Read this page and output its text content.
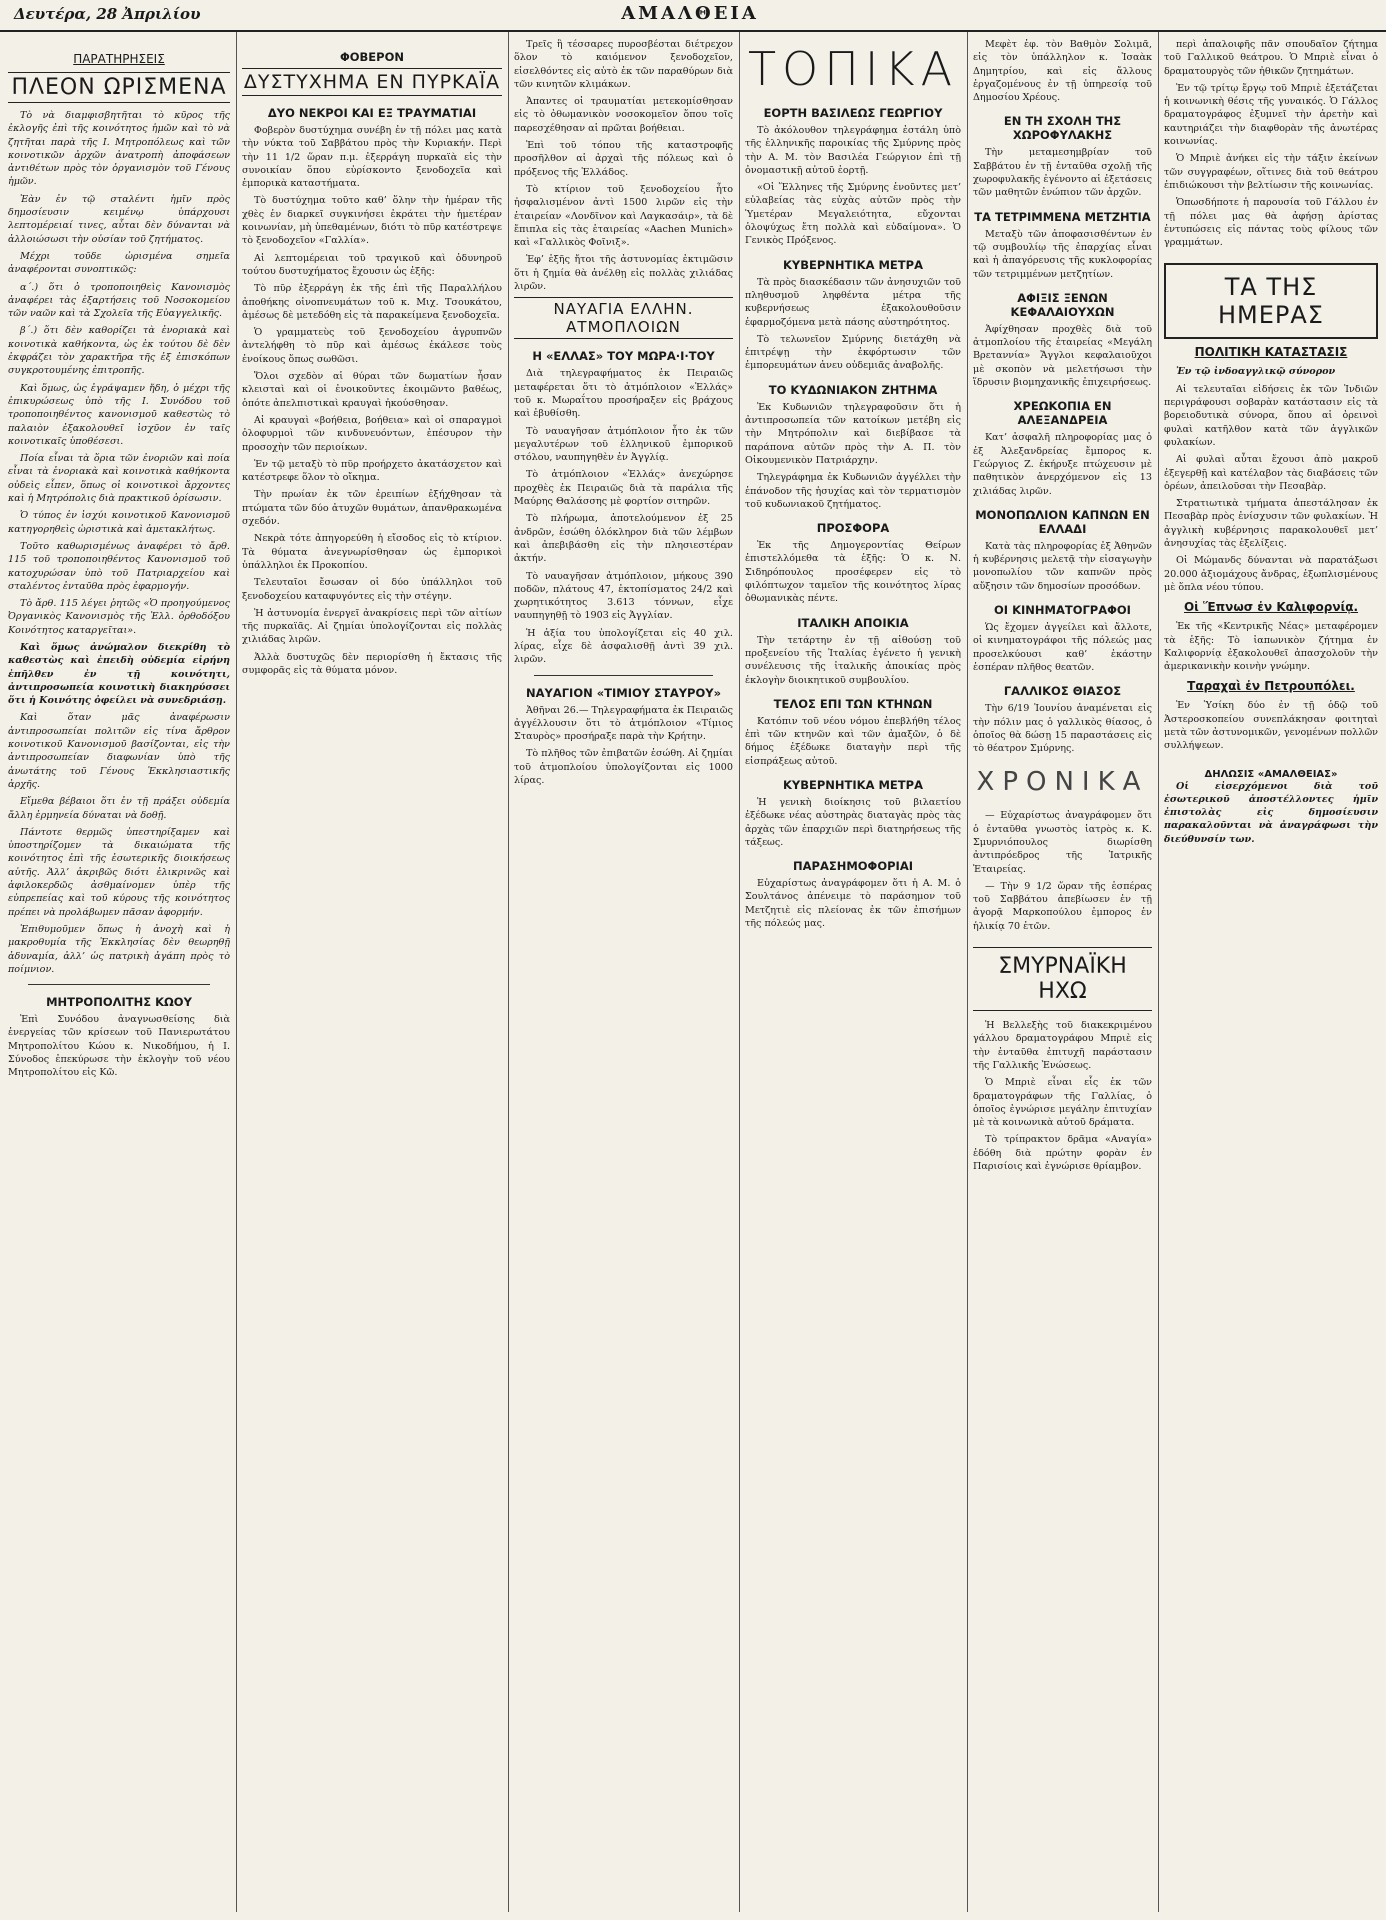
Δευτέρα, 28 Ἀπριλίου	ΑΜΑΛΘΕΙΑ
ΠΑΡΑΤΗΡΗΣΕΙΣ
ΠΛΕΟΝ ΩΡΙΣΜΕΝΑ

Τὸ νὰ διαμφισβητῆται τὸ κῦρος τῆς ἐκλογῆς ἐπὶ τῆς κοινότητος ἡμῶν καὶ τὸ νὰ ζητῆται παρὰ τῆς Ι. Μητροπόλεως καὶ τῶν κοινοτικῶν ἀρχῶν ἀνατροπὴ ἀποφάσεων ἀντιθέτων πρὸς τὸν ὀργανισμὸν τοῦ Γένους ἡμῶν.

Ἐὰν ἐν τῷ σταλέντι ἡμῖν πρὸς δημοσίευσιν κειμένῳ ὑπάρχουσι λεπτομέρειαί τινες, αὗται δὲν δύνανται νὰ ἀλλοιώσωσι τὴν οὐσίαν τοῦ ζητήματος.

Μέχρι τοῦδε ὡρισμένα σημεῖα ἀναφέρονται συνοπτικῶς:

α΄.) ὅτι ὁ τροποποιηθεὶς Κανονισμὸς ἀναφέρει τὰς ἐξαρτήσεις τοῦ Νοσοκομείου τῶν ναῶν καὶ τὰ Σχολεῖα τῆς Εὐαγγελικῆς.

β΄.) ὅτι δὲν καθορίζει τὰ ἐνοριακὰ καὶ κοινοτικὰ καθήκοντα, ὡς ἐκ τούτου δὲ δὲν ἐκφράζει τὸν χαρακτῆρα τῆς ἐξ ἐπισκόπων συγκροτουμένης ἐπιτροπῆς.

Καὶ ὅμως, ὡς ἐγράψαμεν ἤδη, ὁ μέχρι τῆς ἐπικυρώσεως ὑπὸ τῆς Ι. Συνόδου τοῦ τροποποιηθέντος κανονισμοῦ καθεστὼς τὸ παλαιὸν ἐξακολουθεῖ ἰσχῦον ἐν ταῖς κοινοτικαῖς ὑποθέσεσι.

Ποία εἶναι τὰ ὅρια τῶν ἐνοριῶν καὶ ποία εἶναι τὰ ἐνοριακὰ καὶ κοινοτικὰ καθήκοντα οὐδεὶς εἶπεν, ὅπως οἱ κοινοτικοὶ ἄρχοντες καὶ ἡ Μητρόπολις διὰ πρακτικοῦ ὁρίσωσιν.

Ὁ τύπος ἐν ἰσχύι κοινοτικοῦ Κανονισμοῦ κατηγορηθεὶς ὡριστικὰ καὶ ἀμετακλήτως.

Τοῦτο καθωρισμένως ἀναφέρει τὸ ἄρθ. 115 τοῦ τροποποιηθέντος Κανονισμοῦ τοῦ κατοχυρώσαν ὑπὸ τοῦ Πατριαρχείου καὶ σταλέντος ἐνταῦθα πρὸς ἐφαρμογήν.

Τὸ ἄρθ. 115 λέγει ῥητῶς «Ὁ προηγούμενος Ὀργανικὸς Κανονισμὸς τῆς Ἐλλ. ὀρθοδόξου Κοινότητος καταργεῖται».

Καὶ ὅμως ἀνώμαλον διεκρίθη τὸ καθεστὼς καὶ ἐπειδὴ οὐδεμία εἰρήνη ἐπῆλθεν ἐν τῇ κοινότητι, ἀντιπροσωπεία κοινοτικὴ διακηρύσσει ὅτι ἡ Κοινότης ὀφείλει νὰ συνεδριάσῃ.

Καὶ ὅταν μᾶς ἀναφέρωσιν ἀντιπροσωπείαι πολιτῶν εἰς τίνα ἄρθρον κοινοτικοῦ Κανονισμοῦ βασίζονται, εἰς τὴν ἀντιπροσωπείαν διαφωνίαν ὑπὸ τῆς ἀνωτάτης τοῦ Γένους Ἐκκλησιαστικῆς ἀρχῆς.

Εἴμεθα βέβαιοι ὅτι ἐν τῇ πράξει οὐδεμία ἄλλη ἑρμηνεία δύναται νὰ δοθῇ.

Πάντοτε θερμῶς ὑπεστηρίξαμεν καὶ ὑποστηρίζομεν τὰ δικαιώματα τῆς κοινότητος ἐπὶ τῆς ἐσωτερικῆς διοικήσεως αὐτῆς. Ἀλλ’ ἀκριβῶς διότι ἐλικρινῶς καὶ ἀφιλοκερδῶς ἀσθμαίνομεν ὑπὲρ τῆς εὐπρεπείας καὶ τοῦ κύρους τῆς κοινότητος πρέπει νὰ προλάβωμεν πᾶσαν ἀφορμήν.

Ἐπιθυμοῦμεν ὅπως ἡ ἀνοχὴ καὶ ἡ μακροθυμία τῆς Ἐκκλησίας δὲν θεωρηθῇ ἀδυναμία, ἀλλ’ ὡς πατρικὴ ἀγάπη πρὸς τὸ ποίμνιον.

ΜΗΤΡΟΠΟΛΙΤΗΣ ΚΩΟΥ

Ἐπὶ Συνόδου ἀναγνωσθείσης διὰ ἐνεργείας τῶν κρίσεων τοῦ Πανιερωτάτου Μητροπολίτου Κώου κ. Νικοδήμου, ἡ Ι. Σύνοδος ἐπεκύρωσε τὴν ἐκλογὴν τοῦ νέου Μητροπολίτου εἰς Κῶ.

ΦΟΒΕΡΟΝ
ΔΥΣΤΥΧΗΜΑ ΕΝ ΠΥΡΚΑΪΑ
ΔΥΟ ΝΕΚΡΟΙ ΚΑΙ ΕΞ ΤΡΑΥΜΑΤΙΑΙ

Φοβερὸν δυστύχημα συνέβη ἐν τῇ πόλει μας κατὰ τὴν νύκτα τοῦ Σαββάτου πρὸς τὴν Κυριακήν. Περὶ τὴν 11 1/2 ὥραν π.μ. ἐξερράγη πυρκαϊὰ εἰς τὴν συνοικίαν ὅπου εὑρίσκοντο ξενοδοχεῖα καὶ ἐμπορικὰ καταστήματα.

Τὸ δυστύχημα τοῦτο καθ’ ὅλην τὴν ἡμέραν τῆς χθὲς ἐν διαρκεῖ συγκινήσει ἐκράτει τὴν ἡμετέραν κοινωνίαν, μὴ ὑπεθαμένων, διότι τὸ πῦρ κατέστρεψε τὸ ξενοδοχεῖον «Γαλλία».

Αἱ λεπτομέρειαι τοῦ τραγικοῦ καὶ ὀδυνηροῦ τούτου δυστυχήματος ἔχουσιν ὡς ἑξῆς:

Τὸ πῦρ ἐξερράγη ἐκ τῆς ἐπὶ τῆς Παραλλήλου ἀποθήκης οἰνοπνευμάτων τοῦ κ. Μιχ. Τσουκάτου, ἀμέσως δὲ μετεδόθη εἰς τὰ παρακείμενα ξενοδοχεῖα.

Ὁ γραμματεὺς τοῦ ξενοδοχείου ἀγρυπνῶν ἀντελήφθη τὸ πῦρ καὶ ἀμέσως ἐκάλεσε τοὺς ἐνοίκους ὅπως σωθῶσι.

Ὅλοι σχεδὸν αἱ θύραι τῶν δωματίων ἦσαν κλεισταὶ καὶ οἱ ἐνοικοῦντες ἐκοιμῶντο βαθέως, ὁπότε ἀπελπιστικαὶ κραυγαὶ ἠκούσθησαν.

Αἱ κραυγαὶ «βοήθεια, βοήθεια» καὶ οἱ σπαραγμοὶ ὀλοφυρμοὶ τῶν κινδυνευόντων, ἐπέσυρον τὴν προσοχὴν τῶν περιοίκων.

Ἐν τῷ μεταξὺ τὸ πῦρ προήρχετο ἀκατάσχετον καὶ κατέστρεφε ὅλον τὸ οἴκημα.

Τὴν πρωίαν ἐκ τῶν ἐρειπίων ἐξήχθησαν τὰ πτώματα τῶν δύο ἀτυχῶν θυμάτων, ἀπανθρακωμένα σχεδόν.

Νεκρὰ τότε ἀπηγορεύθη ἡ εἴσοδος εἰς τὸ κτίριον. Τὰ θύματα ἀνεγνωρίσθησαν ὡς ἐμπορικοὶ ὑπάλληλοι ἐκ Προκοπίου.

Τελευταῖοι ἔσωσαν οἱ δύο ὑπάλληλοι τοῦ ξενοδοχείου καταφυγόντες εἰς τὴν στέγην.

Ἡ ἀστυνομία ἐνεργεῖ ἀνακρίσεις περὶ τῶν αἰτίων τῆς πυρκαϊᾶς. Αἱ ζημίαι ὑπολογίζονται εἰς πολλὰς χιλιάδας λιρῶν.

Ἀλλὰ δυστυχῶς δὲν περιορίσθη ἡ ἔκτασις τῆς συμφορᾶς εἰς τὰ θύματα μόνον.

Τρεῖς ἢ τέσσαρες πυροσβέσται διέτρεχον ὅλον τὸ καιόμενον ξενοδοχεῖον, εἰσελθόντες εἰς αὐτὸ ἐκ τῶν παραθύρων διὰ τῶν κινητῶν κλιμάκων.

Ἀπαντες οἱ τραυματίαι μετεκομίσθησαν εἰς τὸ ὀθωμανικὸν νοσοκομεῖον ὅπου τοῖς παρεσχέθησαν αἱ πρῶται βοήθειαι.

Ἐπὶ τοῦ τόπου τῆς καταστροφῆς προσῆλθον αἱ ἀρχαὶ τῆς πόλεως καὶ ὁ πρόξενος τῆς Ἑλλάδος.

Τὸ κτίριον τοῦ ξενοδοχείου ἦτο ἠσφαλισμένον ἀντὶ 1500 λιρῶν εἰς τὴν ἑταιρείαν «Λονδῖνον καὶ Λαγκασάιρ», τὰ δὲ ἔπιπλα εἰς τὰς ἑταιρείας «Aachen Munich» καὶ «Γαλλικὸς Φοῖνιξ».

Ἐφ’ ἑξῆς ἤτοι τῆς ἀστυνομίας ἐκτιμῶσιν ὅτι ἡ ζημία θὰ ἀνέλθῃ εἰς πολλὰς χιλιάδας λιρῶν.

ΝΑΥΑΓΙΑ ΕΛΛΗΝ. ΑΤΜΟΠΛΟΙΩΝ
Η «ΕΛΛΑΣ» ΤΟΥ ΜΩΡΑ·Ι·ΤΟΥ

Διὰ τηλεγραφήματος ἐκ Πειραιῶς μεταφέρεται ὅτι τὸ ἀτμόπλοιον «Ἑλλάς» τοῦ κ. Μωραΐτου προσήραξεν εἰς βράχους καὶ ἐβυθίσθη.

Τὸ ναυαγῆσαν ἀτμόπλοιον ἦτο ἐκ τῶν μεγαλυτέρων τοῦ ἑλληνικοῦ ἐμπορικοῦ στόλου, ναυπηγηθὲν ἐν Ἀγγλίᾳ.

Τὸ ἀτμόπλοιον «Ἑλλάς» ἀνεχώρησε προχθὲς ἐκ Πειραιῶς διὰ τὰ παράλια τῆς Μαύρης Θαλάσσης μὲ φορτίον σιτηρῶν.

Τὸ πλήρωμα, ἀποτελούμενον ἐξ 25 ἀνδρῶν, ἐσώθη ὁλόκληρον διὰ τῶν λέμβων καὶ ἀπεβιβάσθη εἰς τὴν πλησιεστέραν ἀκτήν.

Τὸ ναυαγῆσαν ἀτμόπλοιον, μήκους 390 ποδῶν, πλάτους 47, ἐκτοπίσματος 24/2 καὶ χωρητικότητος 3.613 τόννων, εἶχε ναυπηγηθῇ τὸ 1903 εἰς Ἀγγλίαν.

Ἡ ἀξία του ὑπολογίζεται εἰς 40 χιλ. λίρας, εἶχε δὲ ἀσφαλισθῇ ἀντὶ 39 χιλ. λιρῶν.

ΝΑΥΑΓΙΟΝ «ΤΙΜΙΟΥ ΣΤΑΥΡΟΥ»

Ἀθῆναι 26.— Τηλεγραφήματα ἐκ Πειραιῶς ἀγγέλλουσιν ὅτι τὸ ἀτμόπλοιον «Τίμιος Σταυρὸς» προσήραξε παρὰ τὴν Κρήτην.

Τὸ πλῆθος τῶν ἐπιβατῶν ἐσώθη. Αἱ ζημίαι τοῦ ἀτμοπλοίου ὑπολογίζονται εἰς 1000 λίρας.

ΤΟΠΙΚΑ
ΕΟΡΤΗ ΒΑΣΙΛΕΩΣ ΓΕΩΡΓΙΟΥ

Τὸ ἀκόλουθον τηλεγράφημα ἐστάλη ὑπὸ τῆς ἑλληνικῆς παροικίας τῆς Σμύρνης πρὸς τὴν Α. Μ. τὸν Βασιλέα Γεώργιον ἐπὶ τῇ ὀνομαστικῇ αὐτοῦ ἑορτῇ.

«Οἱ Ἕλληνες τῆς Σμύρνης ἑνοῦντες μετ’ εὐλαβείας τὰς εὐχὰς αὐτῶν πρὸς τὴν Ὑμετέραν Μεγαλειότητα, εὔχονται ὁλοψύχως ἔτη πολλὰ καὶ εὐδαίμονα». Ὁ Γενικὸς Πρόξενος.

ΚΥΒΕΡΝΗΤΙΚΑ ΜΕΤΡΑ

Τὰ πρὸς διασκέδασιν τῶν ἀνησυχιῶν τοῦ πληθυσμοῦ ληφθέντα μέτρα τῆς κυβερνήσεως ἐξακολουθοῦσιν ἐφαρμοζόμενα μετὰ πάσης αὐστηρότητος.

Τὸ τελωνεῖον Σμύρνης διετάχθη νὰ ἐπιτρέψῃ τὴν ἐκφόρτωσιν τῶν ἐμπορευμάτων ἀνευ οὐδεμιᾶς ἀναβολῆς.

ΤΟ ΚΥΔΩΝΙΑΚΟΝ ΖΗΤΗΜΑ

Ἐκ Κυδωνιῶν τηλεγραφοῦσιν ὅτι ἡ ἀντιπροσωπεία τῶν κατοίκων μετέβη εἰς τὴν Μητρόπολιν καὶ διεβίβασε τὰ παράπονα αὐτῶν πρὸς τὴν Α. Π. τὸν Οἰκουμενικὸν Πατριάρχην.

Τηλεγράφημα ἐκ Κυδωνιῶν ἀγγέλλει τὴν ἐπάνοδον τῆς ἡσυχίας καὶ τὸν τερματισμὸν τοῦ κυδωνιακοῦ ζητήματος.

ΠΡΟΣΦΟΡΑ

Ἐκ τῆς Δημογεροντίας Θείρων ἐπιστελλόμεθα τὰ ἑξῆς: Ὁ κ. Ν. Σιδηρόπουλος προσέφερεν εἰς τὸ φιλόπτωχον ταμεῖον τῆς κοινότητος λίρας ὀθωμανικὰς πέντε.

ΙΤΑΛΙΚΗ ΑΠΟΙΚΙΑ

Τὴν τετάρτην ἐν τῇ αἰθούσῃ τοῦ προξενείου τῆς Ἰταλίας ἐγένετο ἡ γενικὴ συνέλευσις τῆς ἰταλικῆς ἀποικίας πρὸς ἐκλογὴν διοικητικοῦ συμβουλίου.

ΤΕΛΟΣ ΕΠΙ ΤΩΝ ΚΤΗΝΩΝ

Κατόπιν τοῦ νέου νόμου ἐπεβλήθη τέλος ἐπὶ τῶν κτηνῶν καὶ τῶν ἀμαξῶν, ὁ δὲ δήμος ἐξέδωκε διαταγὴν περὶ τῆς εἰσπράξεως αὐτοῦ.

ΚΥΒΕΡΝΗΤΙΚΑ ΜΕΤΡΑ

Ἡ γενικὴ διοίκησις τοῦ βιλαετίου ἐξέδωκε νέας αὐστηρὰς διαταγὰς πρὸς τὰς ἀρχὰς τῶν ἐπαρχιῶν περὶ διατηρήσεως τῆς τάξεως.

ΠΑΡΑΣΗΜΟΦΟΡΙΑΙ

Εὐχαρίστως ἀναγράφομεν ὅτι ἡ Α. Μ. ὁ Σουλτάνος ἀπένειμε τὸ παράσημον τοῦ Μετζητιὲ εἰς πλείονας ἐκ τῶν ἐπισήμων τῆς πόλεώς μας.

Μεφὲτ ἐφ. τὸν Βαθμὸν Σολιμᾶ, εἰς τὸν ὑπάλληλον κ. Ἰσαὰκ Δημητρίου, καὶ εἰς ἄλλους ἐργαζομένους ἐν τῇ ὑπηρεσίᾳ τοῦ Δημοσίου Χρέους.

ΕΝ ΤΗ ΣΧΟΛΗ ΤΗΣ ΧΩΡΟΦΥΛΑΚΗΣ

Τὴν μεταμεσημβρίαν τοῦ Σαββάτου ἐν τῇ ἐνταῦθα σχολῇ τῆς χωροφυλακῆς ἐγένοντο αἱ ἐξετάσεις τῶν μαθητῶν ἐνώπιον τῶν ἀρχῶν.

ΤΑ ΤΕΤΡΙΜΜΕΝΑ ΜΕΤΖΗΤΙΑ

Μεταξὺ τῶν ἀποφασισθέντων ἐν τῷ συμβουλίῳ τῆς ἐπαρχίας εἶναι καὶ ἡ ἀπαγόρευσις τῆς κυκλοφορίας τῶν τετριμμένων μετζητίων.

ΑΦΙΞΙΣ ΞΕΝΩΝ ΚΕΦΑΛΑΙΟΥΧΩΝ

Ἀφίχθησαν προχθὲς διὰ τοῦ ἀτμοπλοίου τῆς ἑταιρείας «Μεγάλη Βρεταννία» Ἄγγλοι κεφαλαιοῦχοι μὲ σκοπὸν νὰ μελετήσωσι τὴν ἵδρυσιν βιομηχανικῆς ἐπιχειρήσεως.

ΧΡΕΩΚΟΠΙΑ ΕΝ ΑΛΕΞΑΝΔΡΕΙΑ

Κατ’ ἀσφαλῆ πληροφορίας μας ὁ ἐξ Ἀλεξανδρείας ἔμπορος κ. Γεώργιος Ζ. ἐκήρυξε πτώχευσιν μὲ παθητικὸν ἀνερχόμενον εἰς 13 χιλιάδας λιρῶν.

ΜΟΝΟΠΩΛΙΟΝ ΚΑΠΝΩΝ ΕΝ ΕΛΛΑΔΙ

Κατὰ τὰς πληροφορίας ἐξ Ἀθηνῶν ἡ κυβέρνησις μελετᾷ τὴν εἰσαγωγὴν μονοπωλίου τῶν καπνῶν πρὸς αὔξησιν τῶν δημοσίων προσόδων.

ΟΙ ΚΙΝΗΜΑΤΟΓΡΑΦΟΙ

Ὡς ἔχομεν ἀγγείλει καὶ ἄλλοτε, οἱ κινηματογράφοι τῆς πόλεώς μας προσελκύουσι καθ’ ἑκάστην ἑσπέραν πλῆθος θεατῶν.

ΓΑΛΛΙΚΟΣ ΘΙΑΣΟΣ

Τὴν 6/19 Ἰουνίου ἀναμένεται εἰς τὴν πόλιν μας ὁ γαλλικὸς θίασος, ὁ ὁποῖος θὰ δώσῃ 15 παραστάσεις εἰς τὸ θέατρον Σμύρνης.

ΧΡΟΝΙΚΑ

— Εὐχαρίστως ἀναγράφομεν ὅτι ὁ ἐνταῦθα γνωστὸς ἰατρὸς κ. Κ. Σμυρνιόπουλος διωρίσθη ἀντιπρόεδρος τῆς Ἰατρικῆς Ἑταιρείας.

— Τὴν 9 1/2 ὥραν τῆς ἑσπέρας τοῦ Σαββάτου ἀπεβίωσεν ἐν τῇ ἀγορᾷ Μαρκοπούλου ἐμπορος ἐν ἡλικίᾳ 70 ἐτῶν.

ΣΜΥΡΝΑΪΚΗ ΗΧΩ

Ἡ Βελλεξὴς τοῦ διακεκριμένου γάλλου δραματογράφου Μπριὲ εἰς τὴν ἐνταῦθα ἐπιτυχῆ παράστασιν τῆς Γαλλικῆς Ἐνώσεως.

Ὁ Μπριὲ εἶναι εἷς ἐκ τῶν δραματογράφων τῆς Γαλλίας, ὁ ὁποῖος ἐγνώρισε μεγάλην ἐπιτυχίαν μὲ τὰ κοινωνικὰ αὐτοῦ δράματα.

Τὸ τρίπρακτον δρᾶμα «Αναγία» ἐδόθη διὰ πρώτην φορὰν ἐν Παρισίοις καὶ ἐγνώρισε θρίαμβον.

περὶ ἀπαλοιφῆς πᾶν σπουδαῖον ζήτημα τοῦ Γαλλικοῦ θεάτρου. Ὁ Μπριὲ εἶναι ὁ δραματουργὸς τῶν ἠθικῶν ζητημάτων.

Ἐν τῷ τρίτῳ ἔργῳ τοῦ Μπριὲ ἐξετάζεται ἡ κοινωνικὴ θέσις τῆς γυναικός. Ὁ Γάλλος δραματογράφος ἐξυμνεῖ τὴν ἀρετὴν καὶ καυτηριάζει τὴν διαφθορὰν τῆς ἀνωτέρας κοινωνίας.

Ὁ Μπριὲ ἀνήκει εἰς τὴν τάξιν ἐκείνων τῶν συγγραφέων, οἵτινες διὰ τοῦ θεάτρου ἐπιδιώκουσι τὴν βελτίωσιν τῆς κοινωνίας.

Ὁπωσδήποτε ἡ παρουσία τοῦ Γάλλου ἐν τῇ πόλει μας θὰ ἀφήσῃ ἀρίστας ἐντυπώσεις εἰς πάντας τοὺς φίλους τῶν γραμμάτων.

ΤΑ ΤΗΣ ΗΜΕΡΑΣ
ΠΟΛΙΤΙΚΗ ΚΑΤΑΣΤΑΣΙΣ

Ἐν τῷ ἰνδοαγγλικῷ σύνορον

Αἱ τελευταῖαι εἰδήσεις ἐκ τῶν Ἰνδιῶν περιγράφουσι σοβαρὰν κατάστασιν εἰς τὰ βορειοδυτικὰ σύνορα, ὅπου αἱ ὀρεινοὶ φυλαὶ κατῆλθον κατὰ τῶν ἀγγλικῶν φυλακίων.

Αἱ φυλαὶ αὗται ἔχουσι ἀπὸ μακροῦ ἐξεγερθῇ καὶ κατέλαβον τὰς διαβάσεις τῶν ὀρέων, ἀπειλοῦσαι τὴν Πεσαβὰρ.

Στρατιωτικὰ τμήματα ἀπεστάλησαν ἐκ Πεσαβὰρ πρὸς ἐνίσχυσιν τῶν φυλακίων. Ἡ ἀγγλικὴ κυβέρνησις παρακολουθεῖ μετ’ ἀνησυχίας τὰς ἐξελίξεις.

Οἱ Μώμανδς δύνανται νὰ παρατάξωσι 20.000 ἀξιομάχους ἄνδρας, ἐξωπλισμένους μὲ ὅπλα νέου τύπου.

Οἱ Ἕπνωσ ἐν Καλιφορνίᾳ.

Ἐκ τῆς «Κεντρικῆς Νέας» μεταφέρομεν τὰ ἑξῆς: Τὸ ἰαπωνικὸν ζήτημα ἐν Καλιφορνίᾳ ἐξακολουθεῖ ἀπασχολοῦν τὴν ἀμερικανικὴν κοινὴν γνώμην.

Ταραχαὶ ἐν Πετρουπόλει.

Ἐν Ὑσίκη δύο ἐν τῇ ὁδῷ τοῦ Ἀστεροσκοπείου συνεπλάκησαν φοιτηταὶ μετὰ τῶν ἀστυνομικῶν, γενομένων πολλῶν συλλήψεων.

ΔΗΛΩΣΙΣ «ΑΜΑΛΘΕΙΑΣ»

Οἱ εἰσερχόμενοι διὰ τοῦ ἐσωτερικοῦ ἀποστέλλοντες ἡμῖν ἐπιστολὰς εἰς δημοσίευσιν παρακαλοῦνται νὰ ἀναγράφωσι τὴν διεύθυνσίν των.
